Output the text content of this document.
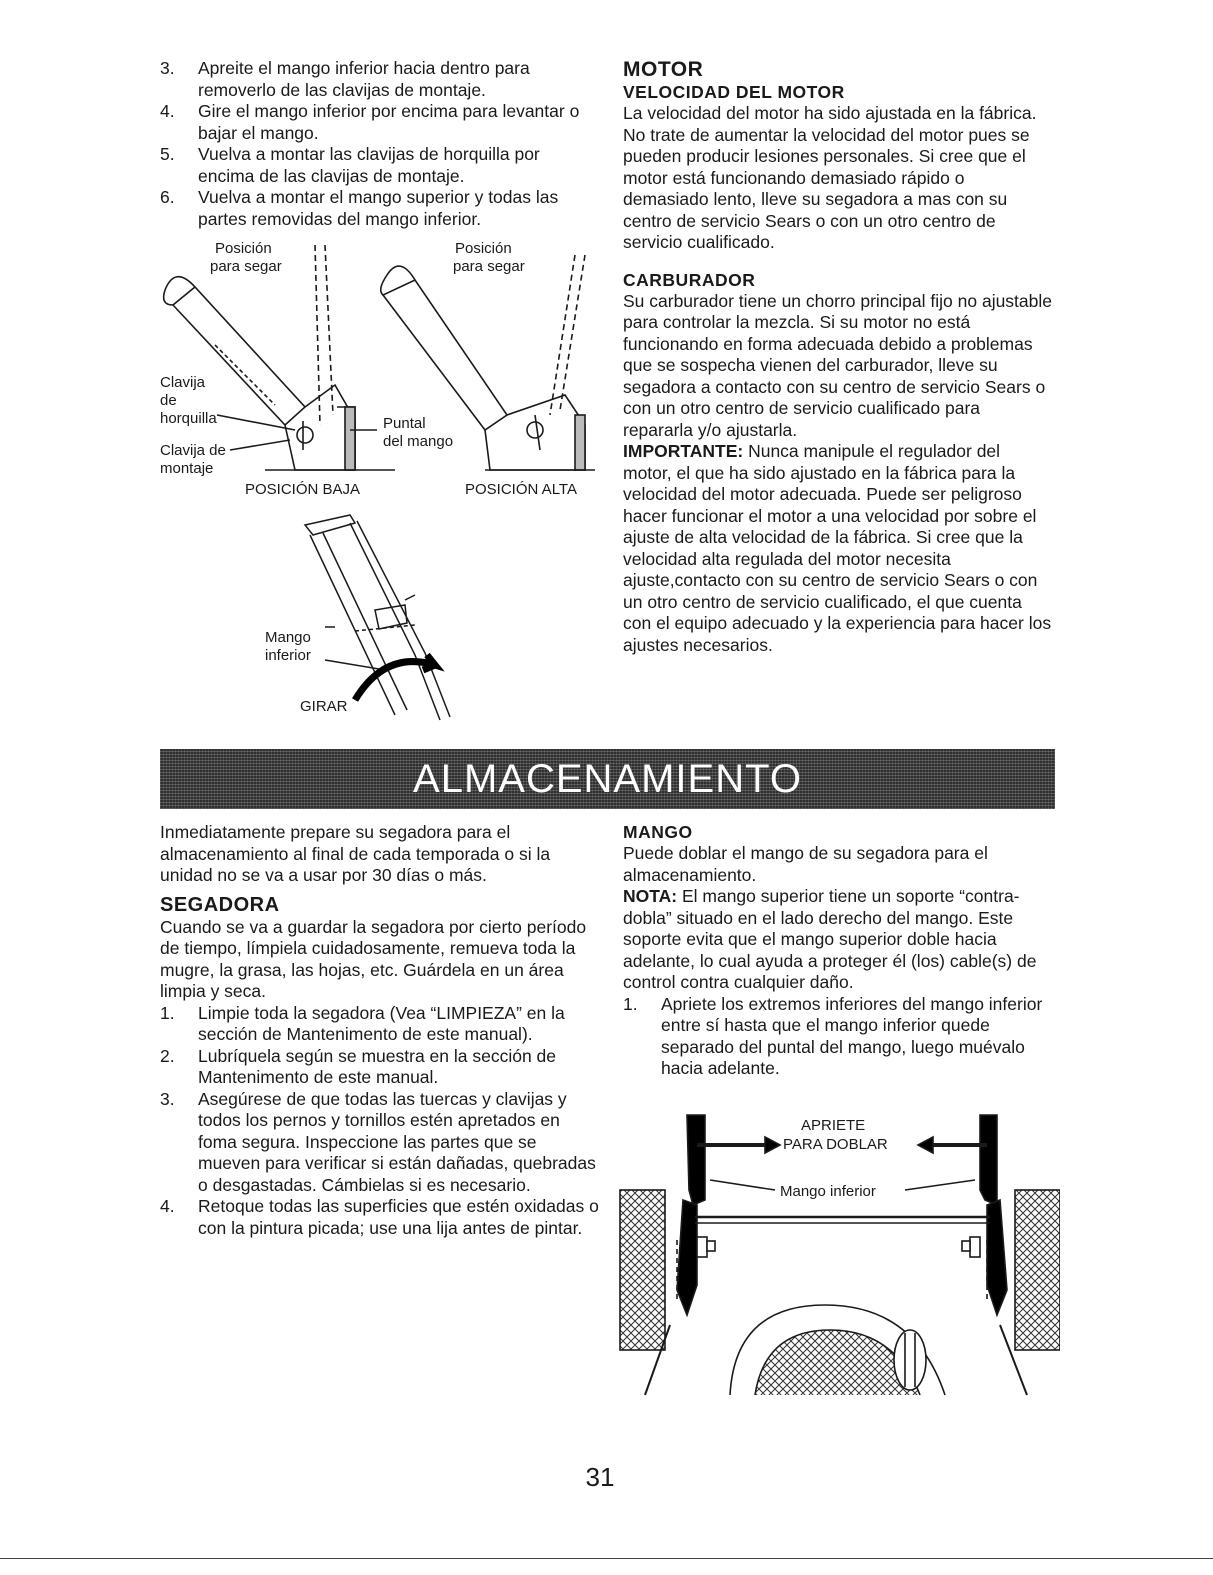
3.	Apreite el mango inferior hacia dentro para removerlo de las clavijas de montaje.
4.	Gire el mango inferior por encima para levantar o bajar el mango.
5.	Vuelva a montar las clavijas de horquilla por encima de las clavijas de montaje.
6.	Vuelva a montar el mango superior y todas las partes removidas del mango inferior.
Posición
para segar
Posición
para segar
Clavija
de
horquilla
Clavija de
montaje
Puntal
del mango
POSICIÓN BAJA	POSICIÓN ALTA
Mango
inferior
GIRAR

MOTOR

VELOCIDAD DEL MOTOR

La velocidad del motor ha sido ajustada en la fábrica. No trate de aumentar la velocidad del motor pues se pueden producir lesiones personales. Si cree que el motor está funcionando demasiado rápido o demasiado lento, lleve su segadora a mas con su centro de servicio Sears o con un otro centro de servicio cualificado.

CARBURADOR

Su carburador tiene un chorro principal fijo no ajustable para controlar la mezcla. Si su motor no está funcionando en forma adecuada debido a problemas que se sospecha vienen del carburador, lleve su segadora a contacto con su centro de servicio Sears o con un otro centro de servicio cualificado para repararla y/o ajustarla.

IMPORTANTE: Nunca manipule el regulador del motor, el que ha sido ajustado en la fábrica para la velocidad del motor adecuada. Puede ser peligroso hacer funcionar el motor a una velocidad por sobre el ajuste de alta velocidad de la fábrica. Si cree que la velocidad alta regulada del motor necesita ajuste,contacto con su centro de servicio Sears o con un otro centro de servicio cualificado, el que cuenta con el equipo adecuado y la experiencia para hacer los ajustes necesarios.

ALMACENAMIENTO

Inmediatamente prepare su segadora para el almacenamiento al final de cada temporada o si la unidad no se va a usar por 30 días o más.

SEGADORA

Cuando se va a guardar la segadora por cierto período de tiempo, límpiela cuidadosamente, remueva toda la mugre, la grasa, las hojas, etc. Guárdela en un área limpia y seca.

1.	Limpie toda la segadora (Vea “LIMPIEZA” en la sección de Mantenimento de este manual).
2.	Lubríquela según se muestra en la sección de Mantenimento de este manual.
3.	Asegúrese de que todas las tuercas y clavijas y todos los pernos y tornillos estén apretados en foma segura. Inspeccione las partes que se mueven para verificar si están dañadas, quebradas o desgastadas. Cámbielas si es necesario.
4.	Retoque todas las superficies que estén oxidadas o con la pintura picada; use una lija antes de pintar.

MANGO

Puede doblar el mango de su segadora para el almacenamiento.

NOTA: El mango superior tiene un soporte “contra-dobla” situado en el lado derecho del mango. Este soporte evita que el mango superior doble hacia adelante, lo cual ayuda a proteger él (los) cable(s) de control contra cualquier daño.

1.	Apriete los extremos inferiores del mango inferior entre sí hasta que el mango inferior quede separado del puntal del mango, luego muévalo hacia adelante.
APRIETE
PARA DOBLAR
Mango inferior
31
